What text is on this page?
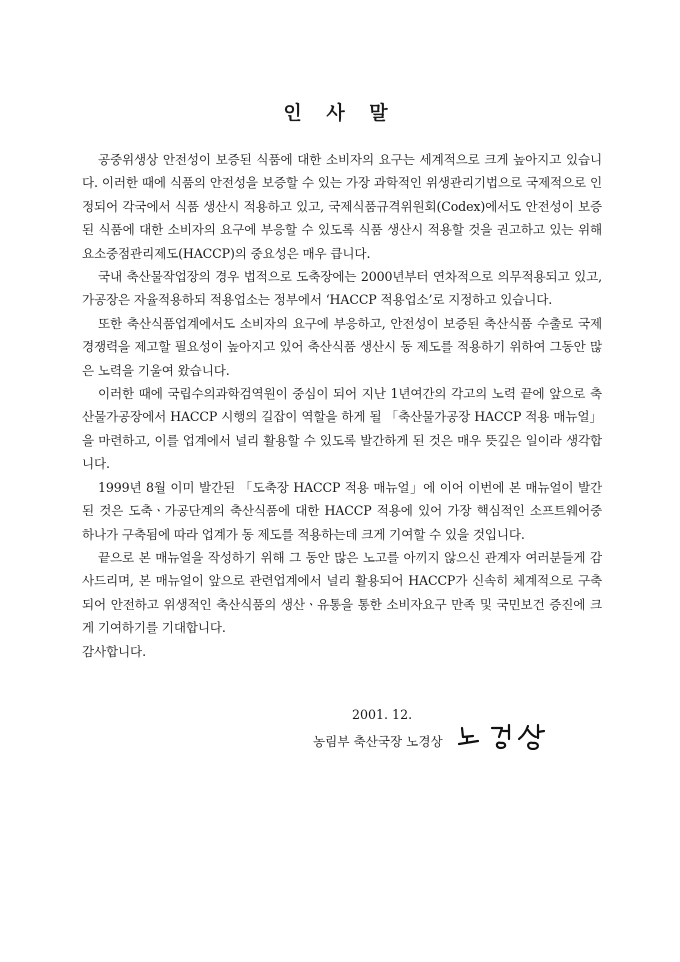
인 사 말

공중위생상 안전성이 보증된 식품에 대한 소비자의 요구는 세계적으로 크게 높아지고 있습니다. 이러한 때에 식품의 안전성을 보증할 수 있는 가장 과학적인 위생관리기법으로 국제적으로 인정되어 각국에서 식품 생산시 적용하고 있고, 국제식품규격위원회(Codex)에서도 안전성이 보증된 식품에 대한 소비자의 요구에 부응할 수 있도록 식품 생산시 적용할 것을 권고하고 있는 위해요소중점관리제도(HACCP)의 중요성은 매우 큽니다.

국내 축산물작업장의 경우 법적으로 도축장에는 2000년부터 연차적으로 의무적용되고 있고, 가공장은 자율적용하되 적용업소는 정부에서 ‘HACCP 적용업소’로 지정하고 있습니다.

또한 축산식품업계에서도 소비자의 요구에 부응하고, 안전성이 보증된 축산식품 수출로 국제경쟁력을 제고할 필요성이 높아지고 있어 축산식품 생산시 동 제도를 적용하기 위하여 그동안 많은 노력을 기울여 왔습니다.

이러한 때에 국립수의과학검역원이 중심이 되어 지난 1년여간의 각고의 노력 끝에 앞으로 축산물가공장에서 HACCP 시행의 길잡이 역할을 하게 될 「축산물가공장 HACCP 적용 매뉴얼」을 마련하고, 이를 업계에서 널리 활용할 수 있도록 발간하게 된 것은 매우 뜻깊은 일이라 생각합니다.

1999년 8월 이미 발간된 「도축장 HACCP 적용 매뉴얼」에 이어 이번에 본 매뉴얼이 발간된 것은 도축ㆍ가공단계의 축산식품에 대한 HACCP 적용에 있어 가장 핵심적인 소프트웨어중 하나가 구축됨에 따라 업계가 동 제도를 적용하는데 크게 기여할 수 있을 것입니다.

끝으로 본 매뉴얼을 작성하기 위해 그 동안 많은 노고를 아끼지 않으신 관계자 여러분들게 감사드리며, 본 매뉴얼이 앞으로 관련업계에서 널리 활용되어 HACCP가 신속히 체계적으로 구축되어 안전하고 위생적인 축산식품의 생산ㆍ유통을 통한 소비자요구 만족 및 국민보건 증진에 크게 기여하기를 기대합니다.

감사합니다.

2001. 12.

농림부 축산국장 노경상
